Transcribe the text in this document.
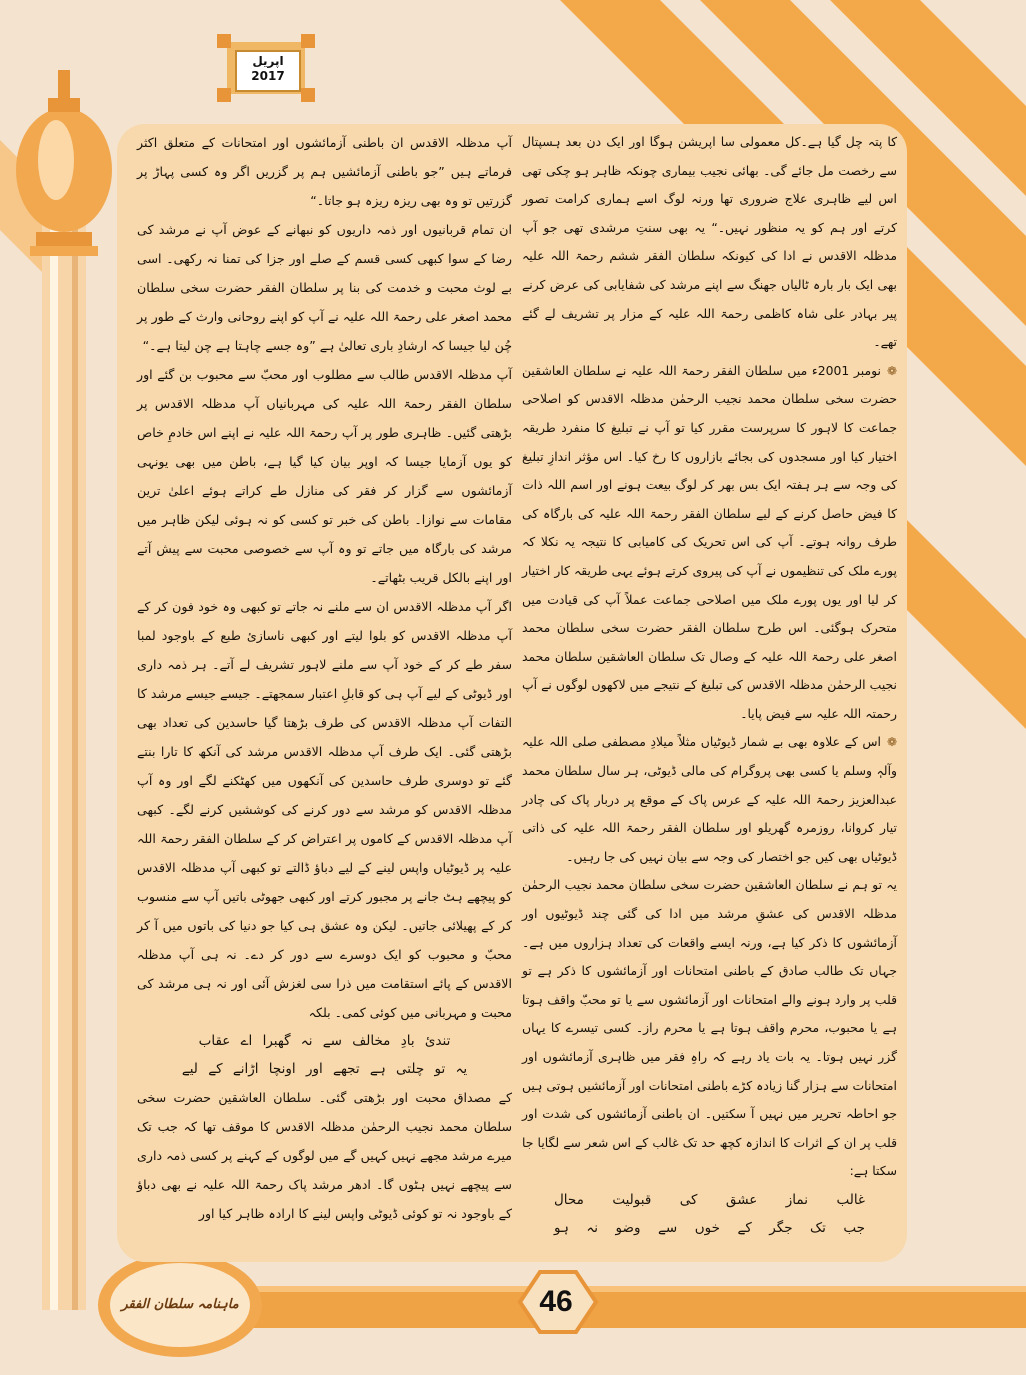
اپریل
2017

کا پتہ چل گیا ہے۔کل معمولی سا اپریشن ہوگا اور ایک دن بعد ہسپتال سے رخصت مل جائے گی۔ بھائی نجیب بیماری چونکہ ظاہر ہو چکی تھی اس لیے ظاہری علاج ضروری تھا ورنہ لوگ اسے ہماری کرامت تصور کرتے اور ہم کو یہ منظور نہیں۔“ یہ بھی سنتِ مرشدی تھی جو آپ مدظلہ الاقدس نے ادا کی کیونکہ سلطان الفقر ششم رحمۃ اللہ علیہ بھی ایک بار بارہ ٹالیاں جھنگ سے اپنے مرشد کی شفایابی کی عرض کرنے پیر بہادر علی شاہ کاظمی رحمۃ اللہ علیہ کے مزار پر تشریف لے گئے تھے۔

❁نومبر 2001ء میں سلطان الفقر رحمۃ اللہ علیہ نے سلطان العاشقین حضرت سخی سلطان محمد نجیب الرحمٰن مدظلہ الاقدس کو اصلاحی جماعت کا لاہور کا سرپرست مقرر کیا تو آپ نے تبلیغ کا منفرد طریقہ اختیار کیا اور مسجدوں کی بجائے بازاروں کا رخ کیا۔ اس مؤثر اندازِ تبلیغ کی وجہ سے ہر ہفتہ ایک بس بھر کر لوگ بیعت ہونے اور اسم اللہ ذات کا فیض حاصل کرنے کے لیے سلطان الفقر رحمۃ اللہ علیہ کی بارگاہ کی طرف روانہ ہوتے۔ آپ کی اس تحریک کی کامیابی کا نتیجہ یہ نکلا کہ پورے ملک کی تنظیموں نے آپ کی پیروی کرتے ہوئے یہی طریقہ کار اختیار کر لیا اور یوں پورے ملک میں اصلاحی جماعت عملاً آپ کی قیادت میں متحرک ہوگئی۔ اس طرح سلطان الفقر حضرت سخی سلطان محمد اصغر علی رحمۃ اللہ علیہ کے وصال تک سلطان العاشقین سلطان محمد نجیب الرحمٰن مدظلہ الاقدس کی تبلیغ کے نتیجے میں لاکھوں لوگوں نے آپ رحمتہ اللہ علیہ سے فیض پایا۔

❁اس کے علاوہ بھی بے شمار ڈیوٹیاں مثلاً میلادِ مصطفی صلی اللہ علیہ وآلہٖ وسلم یا کسی بھی پروگرام کی مالی ڈیوٹی، ہر سال سلطان محمد عبدالعزیز رحمۃ اللہ علیہ کے عرس پاک کے موقع پر دربار پاک کی چادر تیار کروانا، روزمرہ گھریلو اور سلطان الفقر رحمۃ اللہ علیہ کی ذاتی ڈیوٹیاں بھی کیں جو اختصار کی وجہ سے بیان نہیں کی جا رہیں۔

یہ تو ہم نے سلطان العاشقین حضرت سخی سلطان محمد نجیب الرحمٰن مدظلہ الاقدس کی عشقِ مرشد میں ادا کی گئی چند ڈیوٹیوں اور آزمائشوں کا ذکر کیا ہے، ورنہ ایسے واقعات کی تعداد ہزاروں میں ہے۔ جہاں تک طالب صادق کے باطنی امتحانات اور آزمائشوں کا ذکر ہے تو قلب پر وارد ہونے والے امتحانات اور آزمائشوں سے یا تو محبّ واقف ہوتا ہے یا محبوب، محرم واقف ہوتا ہے یا محرم راز۔ کسی تیسرے کا یہاں گزر نہیں ہوتا۔ یہ بات یاد رہے کہ راہِ فقر میں ظاہری آزمائشوں اور امتحانات سے ہزار گنا زیادہ کڑے باطنی امتحانات اور آزمائشیں ہوتی ہیں جو احاطہ تحریر میں نہیں آ سکتیں۔ ان باطنی آزمائشوں کی شدت اور قلب پر ان کے اثرات کا اندازہ کچھ حد تک غالب کے اس شعر سے لگایا جا سکتا ہے:

غالب نماز عشق کی قبولیت محال
جب تک جگر کے خوں سے وضو نہ ہو

آپ مدظلہ الاقدس ان باطنی آزمائشوں اور امتحانات کے متعلق اکثر فرماتے ہیں ”جو باطنی آزمائشیں ہم پر گزریں اگر وہ کسی پہاڑ پر گزرتیں تو وہ بھی ریزہ ریزہ ہو جاتا۔“

ان تمام قربانیوں اور ذمہ داریوں کو نبھانے کے عوض آپ نے مرشد کی رضا کے سوا کبھی کسی قسم کے صلے اور جزا کی تمنا نہ رکھی۔ اسی بے لوث محبت و خدمت کی بنا پر سلطان الفقر حضرت سخی سلطان محمد اصغر علی رحمۃ اللہ علیہ نے آپ کو اپنے روحانی وارث کے طور پر چُن لیا جیسا کہ ارشادِ باری تعالیٰ ہے ”وہ جسے چاہتا ہے چن لیتا ہے۔“

آپ مدظلہ الاقدس طالب سے مطلوب اور محبّ سے محبوب بن گئے اور سلطان الفقر رحمۃ اللہ علیہ کی مہربانیاں آپ مدظلہ الاقدس پر بڑھتی گئیں۔ ظاہری طور پر آپ رحمۃ اللہ علیہ نے اپنے اس خادمِ خاص کو یوں آزمایا جیسا کہ اوپر بیان کیا گیا ہے، باطن میں بھی یونہی آزمائشوں سے گزار کر فقر کی منازل طے کراتے ہوئے اعلیٰ ترین مقامات سے نوازا۔ باطن کی خبر تو کسی کو نہ ہوئی لیکن ظاہر میں مرشد کی بارگاہ میں جاتے تو وہ آپ سے خصوصی محبت سے پیش آتے اور اپنے بالکل قریب بٹھاتے۔

اگر آپ مدظلہ الاقدس ان سے ملنے نہ جاتے تو کبھی وہ خود فون کر کے آپ مدظلہ الاقدس کو بلوا لیتے اور کبھی ناسازئ طبع کے باوجود لمبا سفر طے کر کے خود آپ سے ملنے لاہور تشریف لے آتے۔ ہر ذمہ داری اور ڈیوٹی کے لیے آپ ہی کو قابلِ اعتبار سمجھتے۔ جیسے جیسے مرشد کا التفات آپ مدظلہ الاقدس کی طرف بڑھتا گیا حاسدین کی تعداد بھی بڑھتی گئی۔ ایک طرف آپ مدظلہ الاقدس مرشد کی آنکھ کا تارا بنتے گئے تو دوسری طرف حاسدین کی آنکھوں میں کھٹکنے لگے اور وہ آپ مدظلہ الاقدس کو مرشد سے دور کرنے کی کوششیں کرنے لگے۔ کبھی آپ مدظلہ الاقدس کے کاموں پر اعتراض کر کے سلطان الفقر رحمۃ اللہ علیہ پر ڈیوٹیاں واپس لینے کے لیے دباؤ ڈالتے تو کبھی آپ مدظلہ الاقدس کو پیچھے ہٹ جانے پر مجبور کرتے اور کبھی جھوٹی باتیں آپ سے منسوب کر کے پھیلائی جاتیں۔ لیکن وہ عشق ہی کیا جو دنیا کی باتوں میں آ کر محبّ و محبوب کو ایک دوسرے سے دور کر دے۔ نہ ہی آپ مدظلہ الاقدس کے پائے استقامت میں ذرا سی لغزش آئی اور نہ ہی مرشد کی محبت و مہربانی میں کوئی کمی۔ بلکہ

تندیٔ بادِ مخالف سے نہ گھبرا اے عقاب
یہ تو چلتی ہے تجھے اور اونچا اڑانے کے لیے

کے مصداق محبت اور بڑھتی گئی۔ سلطان العاشقین حضرت سخی سلطان محمد نجیب الرحمٰن مدظلہ الاقدس کا موقف تھا کہ جب تک میرے مرشد مجھے نہیں کہیں گے میں لوگوں کے کہنے پر کسی ذمہ داری سے پیچھے نہیں ہٹوں گا۔ ادھر مرشد پاک رحمۃ اللہ علیہ نے بھی دباؤ کے باوجود نہ تو کوئی ڈیوٹی واپس لینے کا ارادہ ظاہر کیا اور

46
ماہنامہ سلطان الفقر
